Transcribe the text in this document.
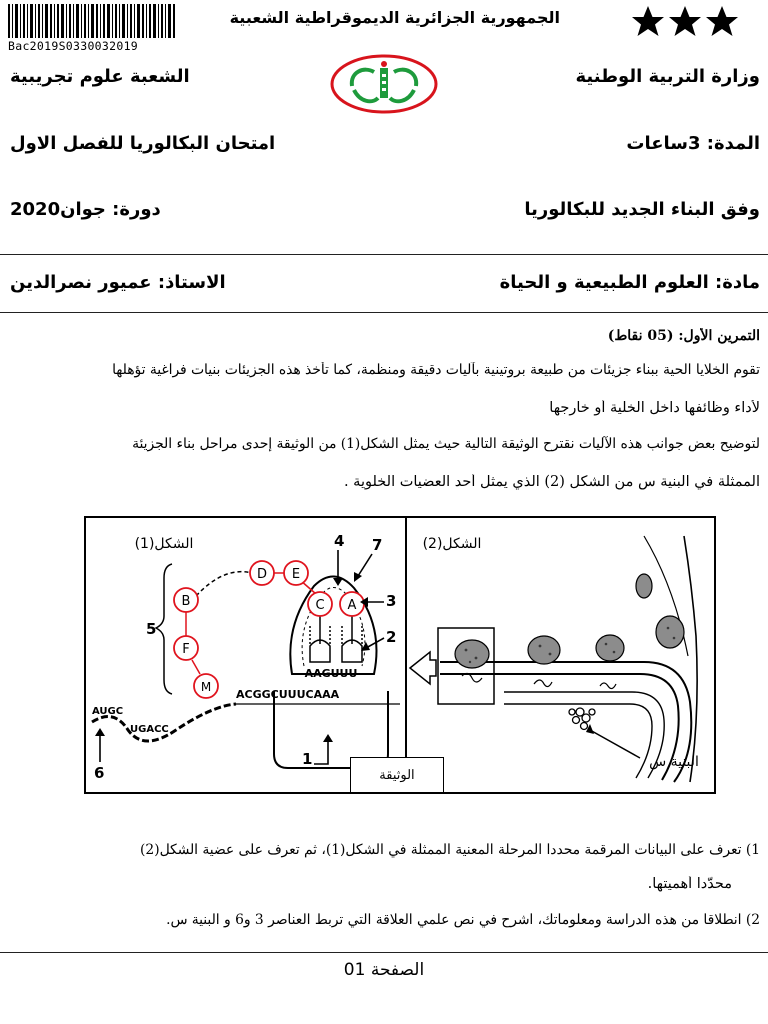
Bac2019S0330032019
الجمهورية الجزائرية الديموقراطية الشعبية
وزارة التربية الوطنية
الشعبة علوم تجريبية
المدة: 3ساعات
امتحان البكالوريا للفصل الاول
وفق البناء الجديد للبكالوريا
دورة: جوان2020
مادة: العلوم الطبيعية و الحياة
الاستاذ: عميور نصرالدين
التمرين الأول: (05 نقاط)
تقوم الخلايا الحية ببناء جزيئات من طبيعة بروتينية بآليات دقيقة ومنظمة، كما تأخذ هذه الجزيئات بنيات فراغية تؤهلها
لأداء وظائفها داخل الخلية أو خارجها
لتوضيح بعض جوانب هذه الآليات نقترح الوثيقة التالية حيث يمثل الشكل(1) من الوثيقة إحدى مراحل بناء الجزيئة
الممثلة في البنية س من الشكل (2) الذي يمثل أحد العضيات الخلوية .
الشكل(1)
B
F
M
D E
C A
AAGUUU
ACGGCUUUCAAA
AUGC
UGACC
4 7
3
2
5
1
6
الشكل(2)
البنية س
الوثيقة
1) تعرف على البيانات المرقمة محددا المرحلة المعنية الممثلة في الشكل(1)، ثم تعرف على عضية الشكل(2)
محدّدا أهميتها.
2) انطلاقا من هذه الدراسة ومعلوماتك، اشرح في نص علمي العلاقة التي تربط العناصر 3 و6 و البنية س.
الصفحة 01
